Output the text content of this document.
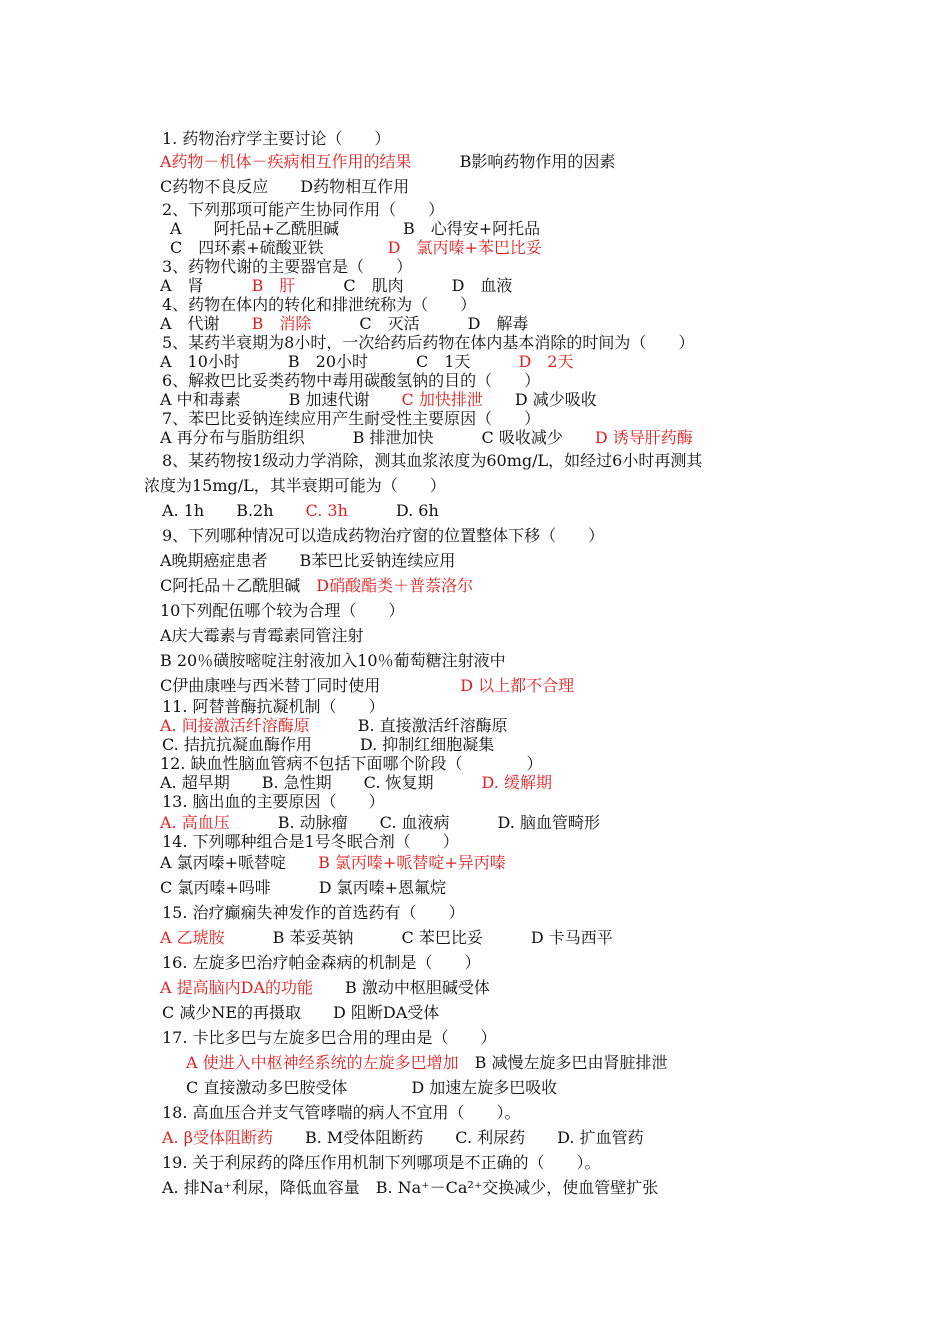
1. 药物治疗学主要讨论（　　）
A药物－机体－疾病相互作用的结果　　　B影响药物作用的因素
C药物不良反应　　D药物相互作用
2、下列那项可能产生协同作用（　　）
A　　阿托品+乙酰胆碱　　　　B　心得安+阿托品
C　四环素+硫酸亚铁　　　　D　氯丙嗪+苯巴比妥
3、药物代谢的主要器官是（　　）
A　肾　　　B　肝　　　C　肌肉　　　D　血液
4、药物在体内的转化和排泄统称为（　　）
A　代谢　　B　消除　　　C　灭活　　　D　解毒
5、某药半衰期为8小时，一次给药后药物在体内基本消除的时间为（　　）
A　10小时　　　B　20小时　　　C　1天　　　D　2天
6、解救巴比妥类药物中毒用碳酸氢钠的目的（　　）
A 中和毒素　　　B 加速代谢　　C 加快排泄　　D 减少吸收
7、苯巴比妥钠连续应用产生耐受性主要原因（　　）
A 再分布与脂肪组织　　　B 排泄加快　　　C 吸收减少　　D 诱导肝药酶
8、某药物按1级动力学消除，测其血浆浓度为60mg/L，如经过6小时再测其
浓度为15mg/L，其半衰期可能为（　　）
A. 1h　　B.2h　　C. 3h　　　D. 6h
9、下列哪种情况可以造成药物治疗窗的位置整体下移（　　）
A晚期癌症患者　　B苯巴比妥钠连续应用
C阿托品＋乙酰胆碱　D硝酸酯类＋普萘洛尔
10下列配伍哪个较为合理（　　）
A庆大霉素与青霉素同管注射
B 20％磺胺嘧啶注射液加入10％葡萄糖注射液中
C伊曲康唑与西米替丁同时使用　　　　　D 以上都不合理
11. 阿替普酶抗凝机制（　　）
A. 间接激活纤溶酶原　　　B. 直接激活纤溶酶原
C. 拮抗抗凝血酶作用　　　D. 抑制红细胞凝集
12. 缺血性脑血管病不包括下面哪个阶段（　　　　）
A. 超早期　　B. 急性期　　C. 恢复期　　　D. 缓解期
13. 脑出血的主要原因（　　）
A. 高血压　　　B. 动脉瘤　　C. 血液病　　　D. 脑血管畸形
14. 下列哪种组合是1号冬眠合剂（　　）
A 氯丙嗪+哌替啶　　B 氯丙嗪+哌替啶+异丙嗪
C 氯丙嗪+吗啡　　　D 氯丙嗪+恩氟烷
15. 治疗癫痫失神发作的首选药有（　　）
A 乙琥胺　　　B 苯妥英钠　　　C 苯巴比妥　　　D 卡马西平
16. 左旋多巴治疗帕金森病的机制是（　　）
A 提高脑内DA的功能　　B 激动中枢胆碱受体
C 减少NE的再摄取　　D 阻断DA受体
17. 卡比多巴与左旋多巴合用的理由是（　　）
A 使进入中枢神经系统的左旋多巴增加　B 减慢左旋多巴由肾脏排泄
C 直接激动多巴胺受体　　　　D 加速左旋多巴吸收
18. 高血压合并支气管哮喘的病人不宜用（　　）。
A. β受体阻断药　　B. M受体阻断药　　C. 利尿药　　D. 扩血管药
19. 关于利尿药的降压作用机制下列哪项是不正确的（　　）。
A. 排Na⁺利尿，降低血容量　B. Na⁺－Ca²⁺交换减少，使血管壁扩张
